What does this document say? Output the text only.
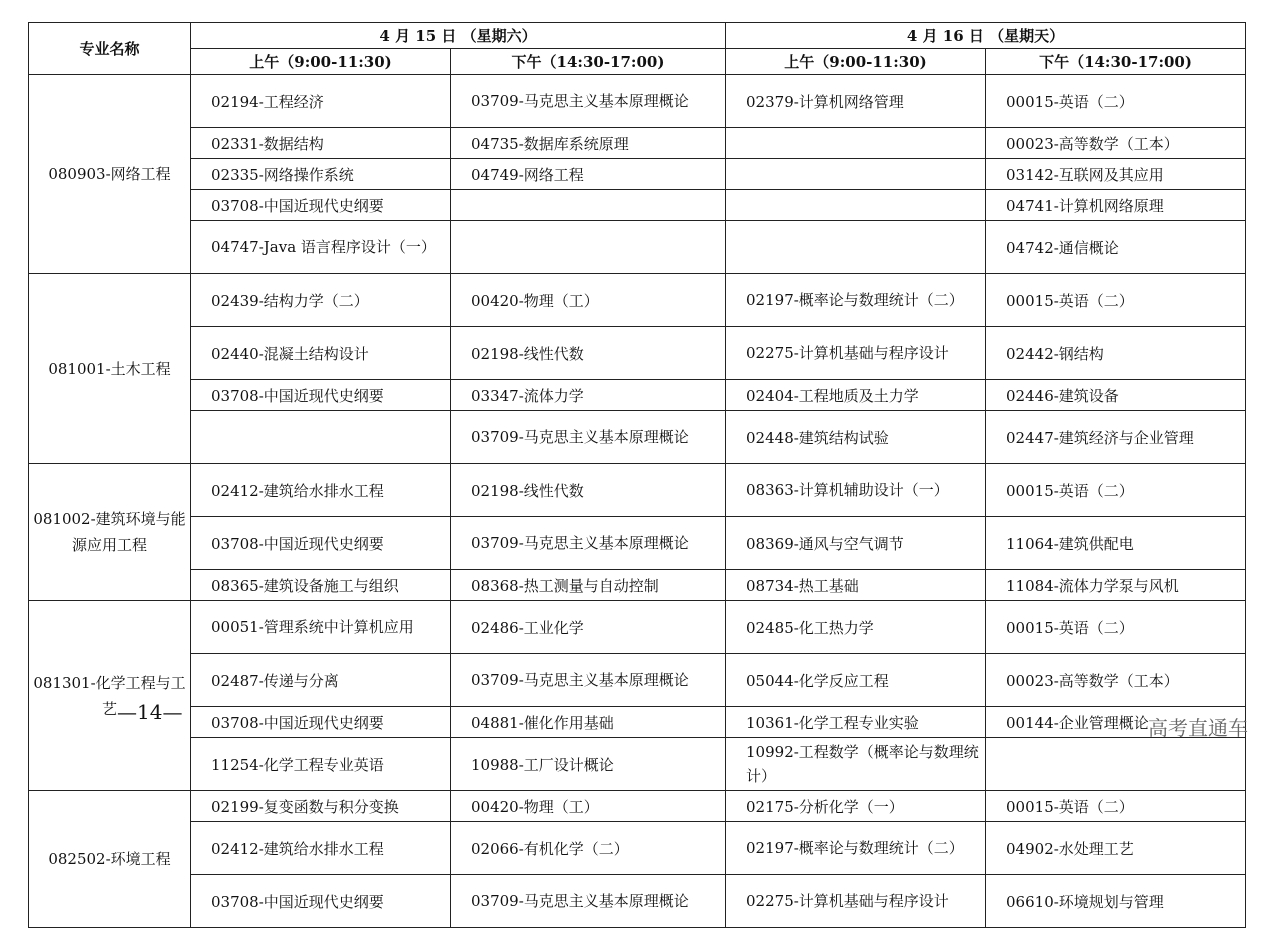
专业名称	4 月 15 日 （星期六）		4 月 16 日 （星期天）	
	上午（9:00-11:30)	下午（14:30-17:00)	上午（9:00-11:30)	下午（14:30-17:00)
080903-网络工程	02194-工程经济	03709-马克思主义基本原理概论	02379-计算机网络管理	00015-英语（二）
	02331-数据结构	04735-数据库系统原理		00023-高等数学（工本）
	02335-网络操作系统	04749-网络工程		03142-互联网及其应用
	03708-中国近现代史纲要			04741-计算机网络原理
	04747-Java 语言程序设计（一）			04742-通信概论
081001-土木工程	02439-结构力学（二）	00420-物理（工）	02197-概率论与数理统计（二）	00015-英语（二）
	02440-混凝土结构设计	02198-线性代数	02275-计算机基础与程序设计	02442-钢结构
	03708-中国近现代史纲要	03347-流体力学	02404-工程地质及土力学	02446-建筑设备
		03709-马克思主义基本原理概论	02448-建筑结构试验	02447-建筑经济与企业管理
081002-建筑环境与能源应用工程	02412-建筑给水排水工程	02198-线性代数	08363-计算机辅助设计（一）	00015-英语（二）
	03708-中国近现代史纲要	03709-马克思主义基本原理概论	08369-通风与空气调节	11064-建筑供配电
	08365-建筑设备施工与组织	08368-热工测量与自动控制	08734-热工基础	11084-流体力学泵与风机
081301-化学工程与工艺	00051-管理系统中计算机应用	02486-工业化学	02485-化工热力学	00015-英语（二）
	02487-传递与分离	03709-马克思主义基本原理概论	05044-化学反应工程	00023-高等数学（工本）
	03708-中国近现代史纲要	04881-催化作用基础	10361-化学工程专业实验	00144-企业管理概论
	11254-化学工程专业英语	10988-工厂设计概论	10992-工程数学（概率论与数理统计）	
082502-环境工程	02199-复变函数与积分变换	00420-物理（工）	02175-分析化学（一）	00015-英语（二）
	02412-建筑给水排水工程	02066-有机化学（二）	02197-概率论与数理统计（二）	04902-水处理工艺
	03708-中国近现代史纲要	03709-马克思主义基本原理概论	02275-计算机基础与程序设计	06610-环境规划与管理
—14—
高考直通车
